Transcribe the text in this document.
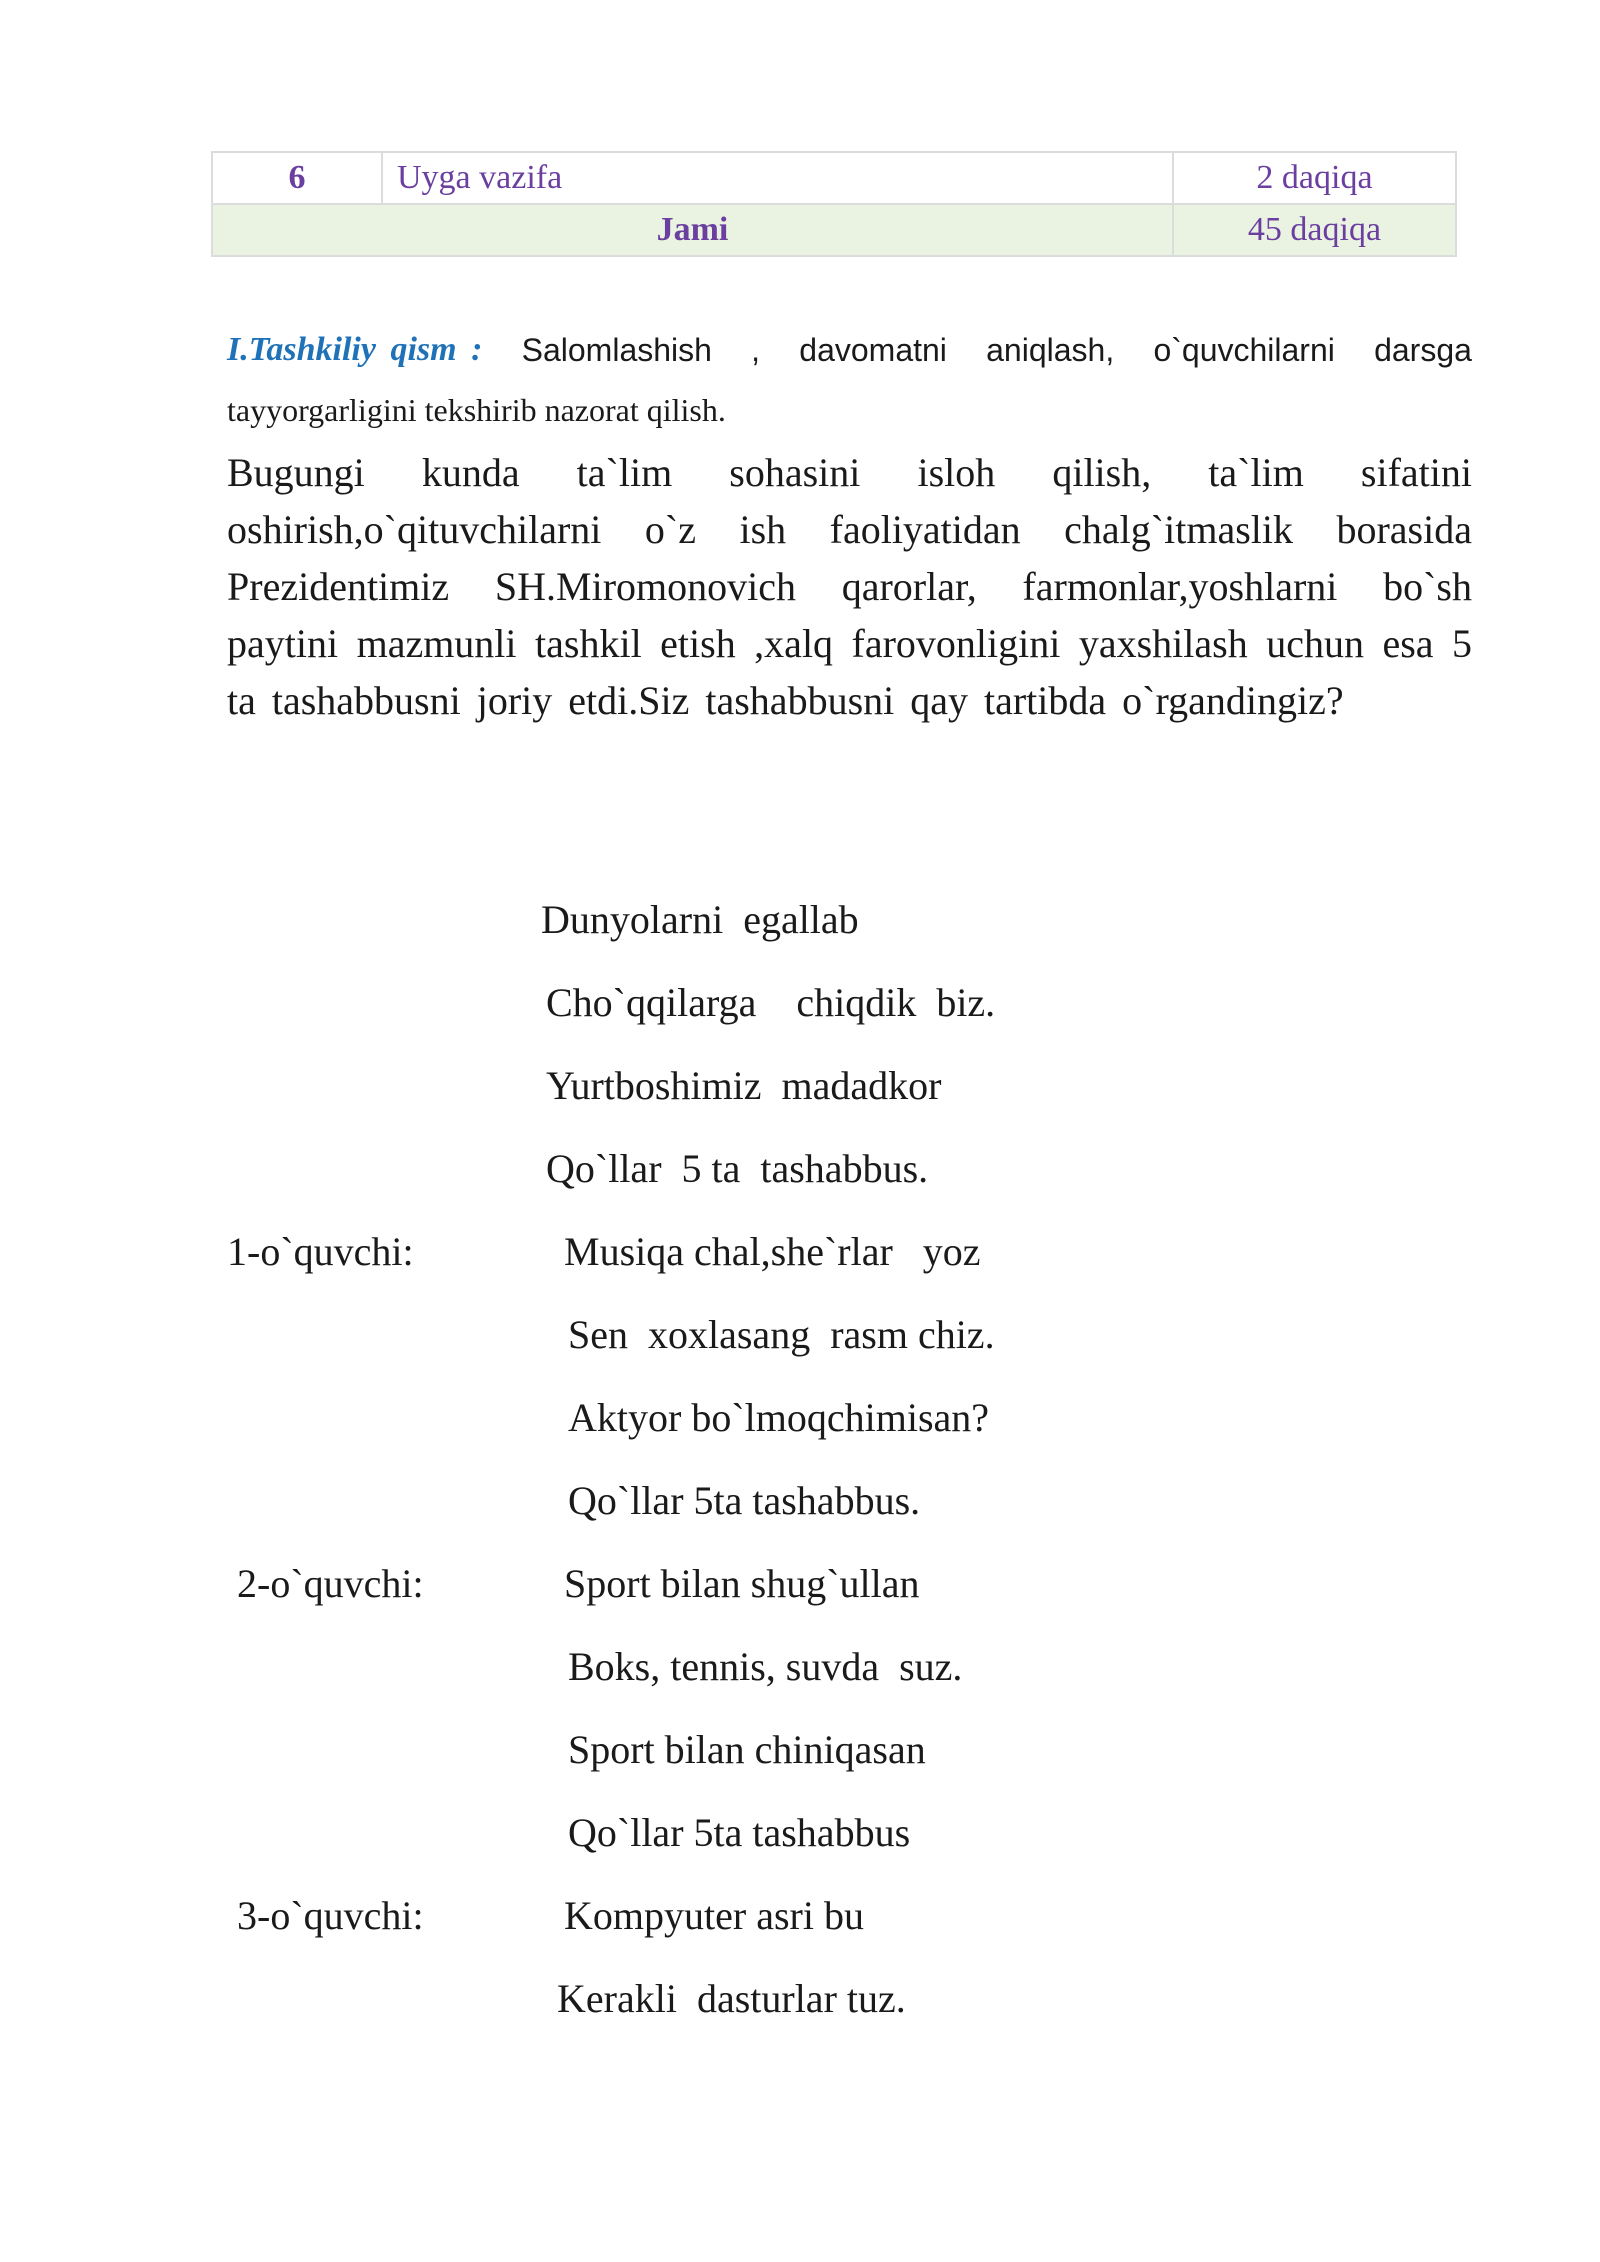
6	Uyga vazifa	2 daqiqa
Jami		45 daqiqa
I.Tashkiliy qism : Salomlashish , davomatni aniqlash, o`quvchilarni darsga
tayyorgarligini tekshirib nazorat qilish.
Bugungi kunda ta`lim sohasini isloh qilish, ta`lim sifatini oshirish,o`qituvchilarni o`z ish faoliyatidan chalg`itmaslik borasida Prezidentimiz SH.Miromonovich qarorlar, farmonlar,yoshlarni bo`sh paytini mazmunli tashkil etish ,xalq farovonligini yaxshilash uchun esa 5 ta tashabbusni joriy etdi.Siz tashabbusni qay tartibda o`rgandingiz?
Dunyolarni  egallab
Cho`qqilarga    chiqdik  biz.
Yurtboshimiz  madadkor
Qo`llar  5 ta  tashabbus.
1-o`quvchi:	Musiqa chal,she`rlar   yoz
Sen  xoxlasang  rasm chiz.
Aktyor bo`lmoqchimisan?
Qo`llar 5ta tashabbus.
2-o`quvchi:	Sport bilan shug`ullan
Boks, tennis, suvda  suz.
Sport bilan chiniqasan
Qo`llar 5ta tashabbus
3-o`quvchi:	Kompyuter asri bu
Kerakli  dasturlar tuz.
